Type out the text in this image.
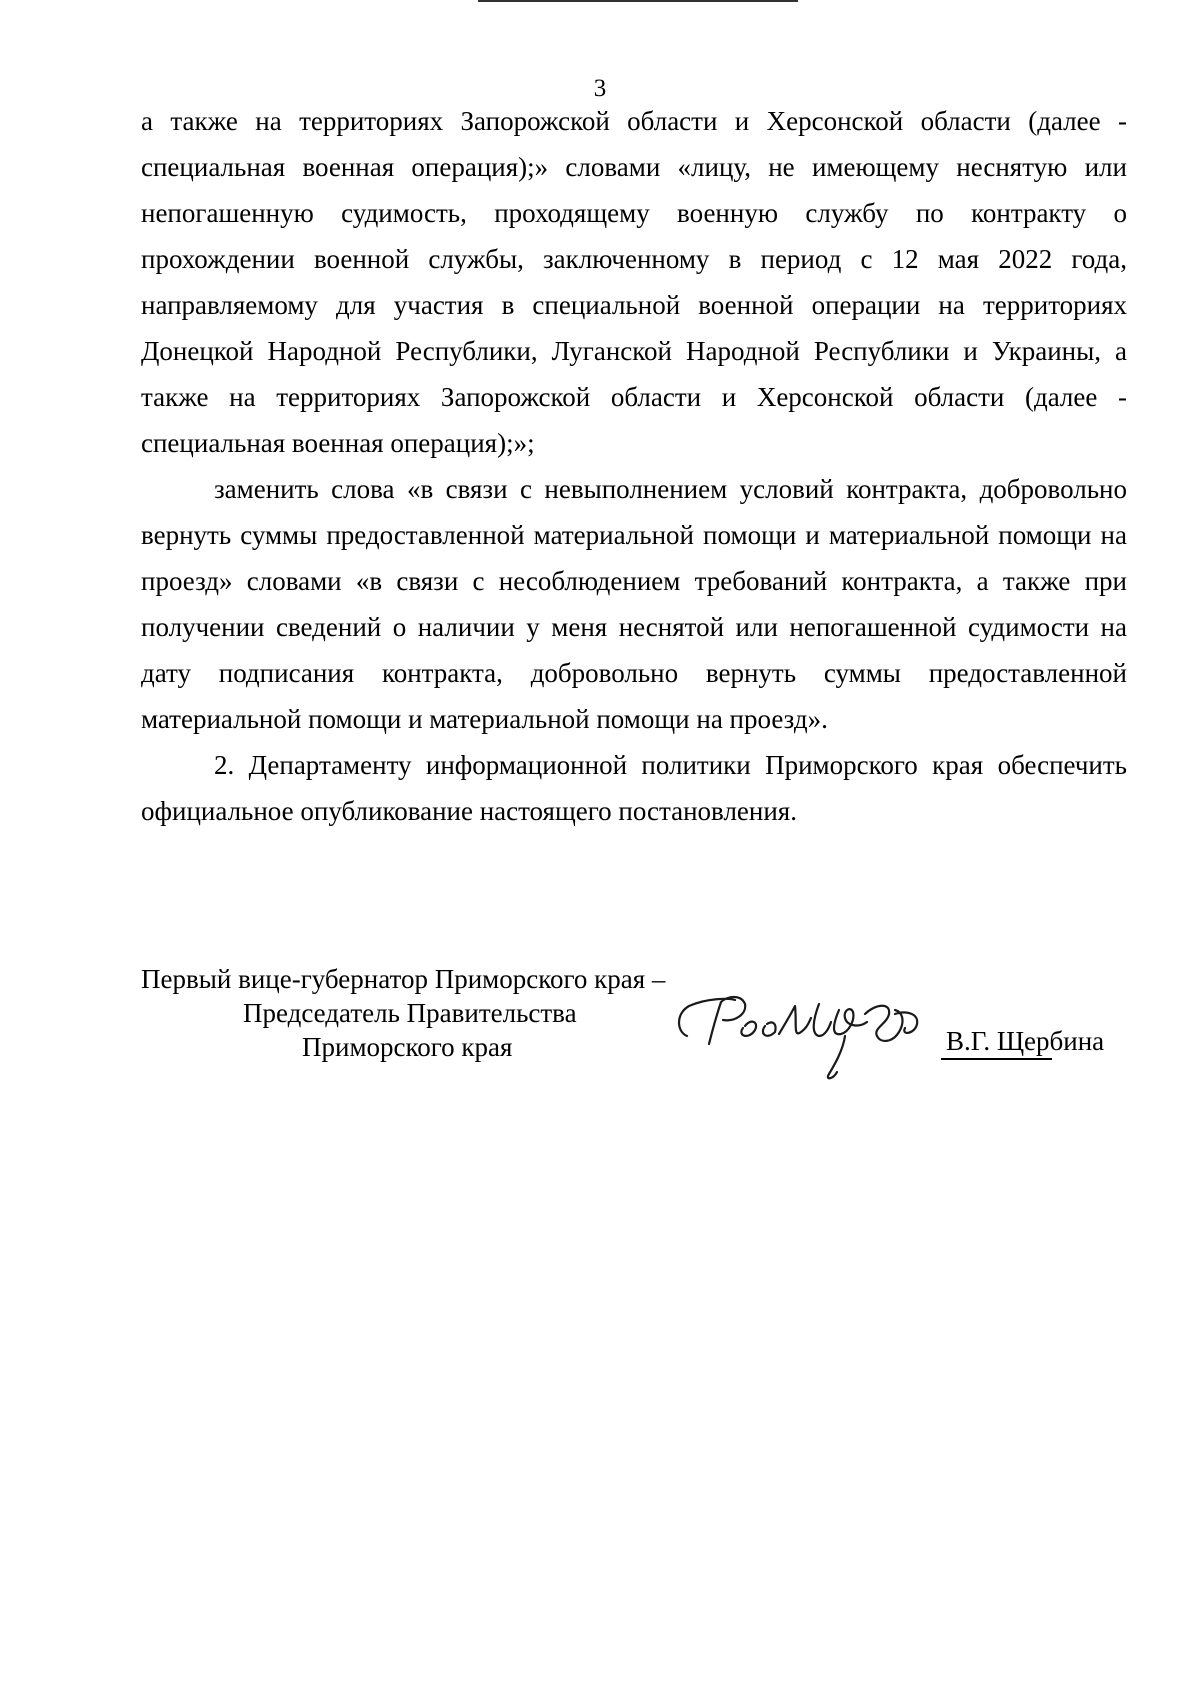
3

а также на территориях Запорожской области и Херсонской области (далее - специальная военная операция);» словами «лицу, не имеющему неснятую или непогашенную судимость, проходящему военную службу по контракту о прохождении военной службы, заключенному в период с 12 мая 2022 года, направляемому для участия в специальной военной операции на территориях Донецкой Народной Республики, Луганской Народной Республики и Украины, а также на территориях Запорожской области и Херсонской области (далее - специальная военная операция);»;

заменить слова «в связи с невыполнением условий контракта, добровольно вернуть суммы предоставленной материальной помощи и материальной помощи на проезд» словами «в связи с несоблюдением требований контракта, а также при получении сведений о наличии у меня неснятой или непогашенной судимости на дату подписания контракта, добровольно вернуть суммы предоставленной материальной помощи и материальной помощи на проезд».

2. Департаменту информационной политики Приморского края обеспечить официальное опубликование настоящего постановления.

Первый вице-губернатор Приморского края –
Председатель Правительства
Приморского края	В.Г. Щербина
